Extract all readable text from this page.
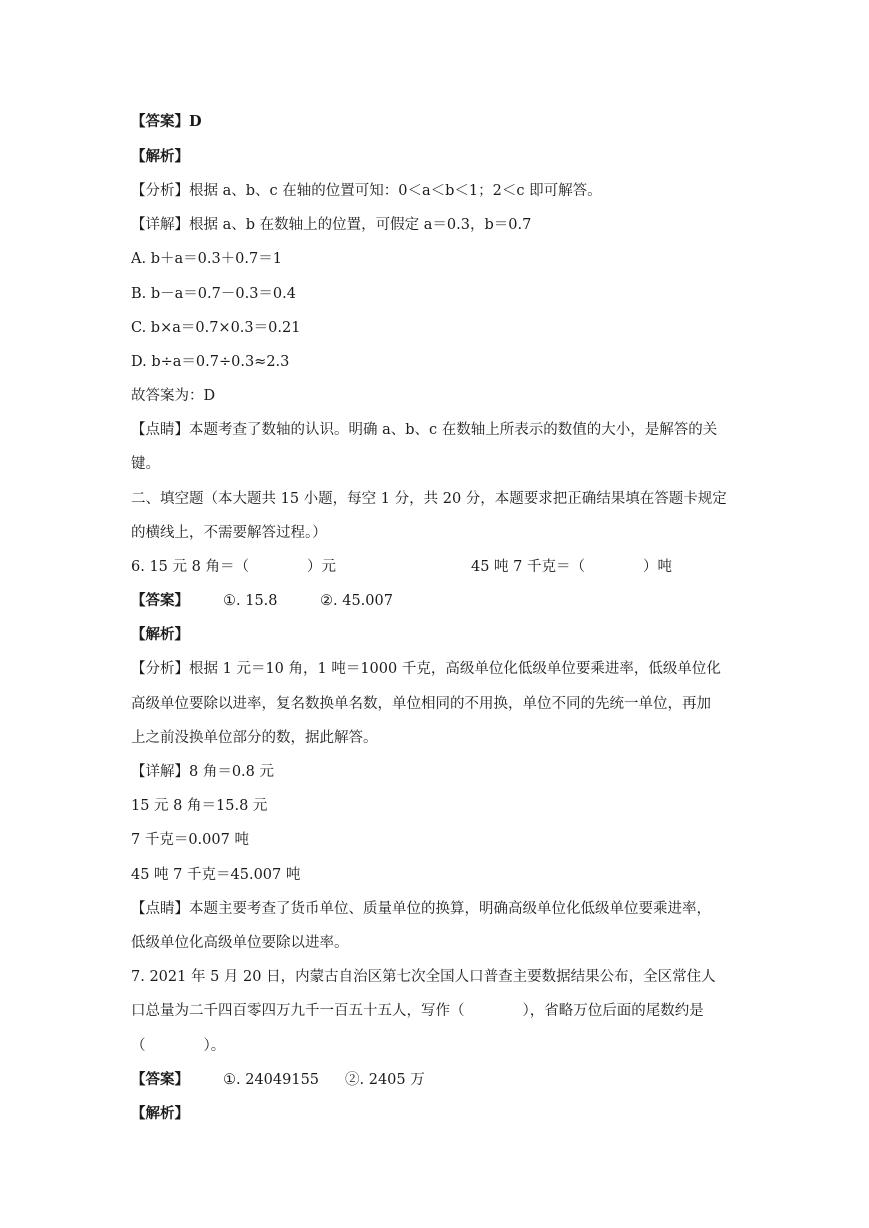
【答案】D
【解析】
【分析】根据 a、b、c 在轴的位置可知：0＜a＜b＜1；2＜c 即可解答。
【详解】根据 a、b 在数轴上的位置，可假定 a＝0.3，b＝0.7
A. b＋a＝0.3＋0.7＝1
B. b－a＝0.7－0.3＝0.4
C. b×a＝0.7×0.3＝0.21
D. b÷a＝0.7÷0.3≈2.3
故答案为：D
【点睛】本题考查了数轴的认识。明确 a、b、c 在数轴上所表示的数值的大小，是解答的关
键。
二、填空题（本大题共 15 小题，每空 1 分，共 20 分，本题要求把正确结果填在答题卡规定
的横线上，不需要解答过程。）
6. 15 元 8 角＝（　　　　）元	45 吨 7 千克＝（　　　　）吨
【答案】 ①. 15.8	②. 45.007
【解析】
【分析】根据 1 元＝10 角，1 吨＝1000 千克，高级单位化低级单位要乘进率，低级单位化
高级单位要除以进率，复名数换单名数，单位相同的不用换，单位不同的先统一单位，再加
上之前没换单位部分的数，据此解答。
【详解】8 角＝0.8 元
15 元 8 角＝15.8 元
7 千克＝0.007 吨
45 吨 7 千克＝45.007 吨
【点睛】本题主要考查了货币单位、质量单位的换算，明确高级单位化低级单位要乘进率，
低级单位化高级单位要除以进率。
7. 2021 年 5 月 20 日，内蒙古自治区第七次全国人口普查主要数据结果公布，全区常住人
口总量为二千四百零四万九千一百五十五人，写作（　　　　），省略万位后面的尾数约是
（　　　　）。
【答案】 ①. 24049155 ②. 2405 万
【解析】
